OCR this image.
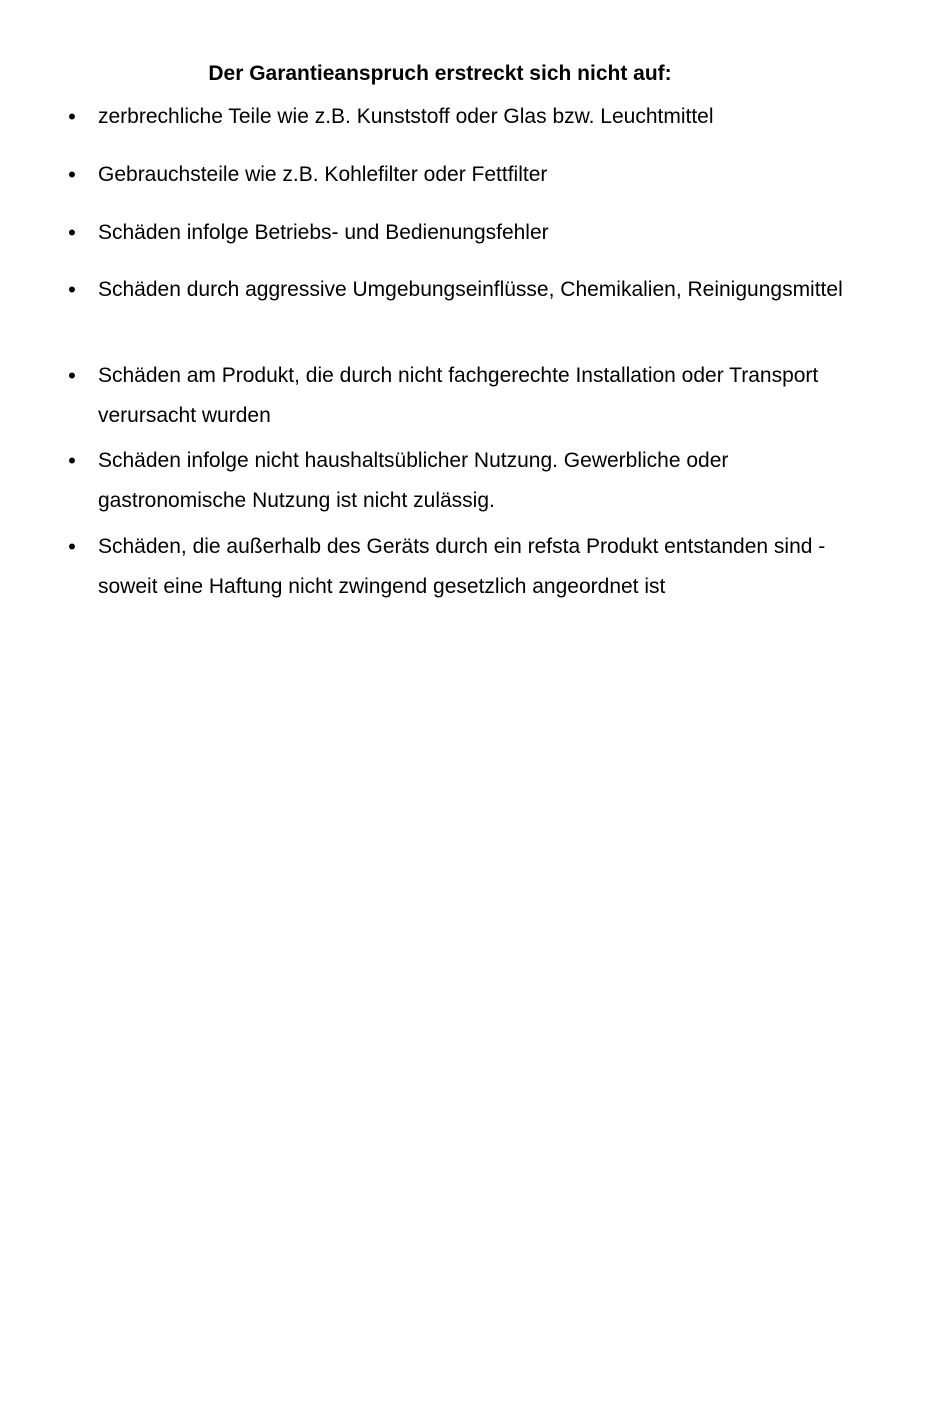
Der Garantieanspruch erstreckt sich nicht auf:
• zerbrechliche Teile wie z.B. Kunststoff oder Glas bzw. Leuchtmittel
• Gebrauchsteile wie z.B. Kohlefilter oder Fettfilter
• Schäden infolge Betriebs- und Bedienungsfehler
• Schäden durch aggressive Umgebungseinflüsse, Chemikalien, Reinigungsmittel
• Schäden am Produkt, die durch nicht fachgerechte Installation oder Transport verursacht wurden
• Schäden infolge nicht haushaltsüblicher Nutzung. Gewerbliche oder gastronomische Nutzung ist nicht zulässig.
• Schäden, die außerhalb des Geräts durch ein refsta Produkt entstanden sind - soweit eine Haftung nicht zwingend gesetzlich angeordnet ist
